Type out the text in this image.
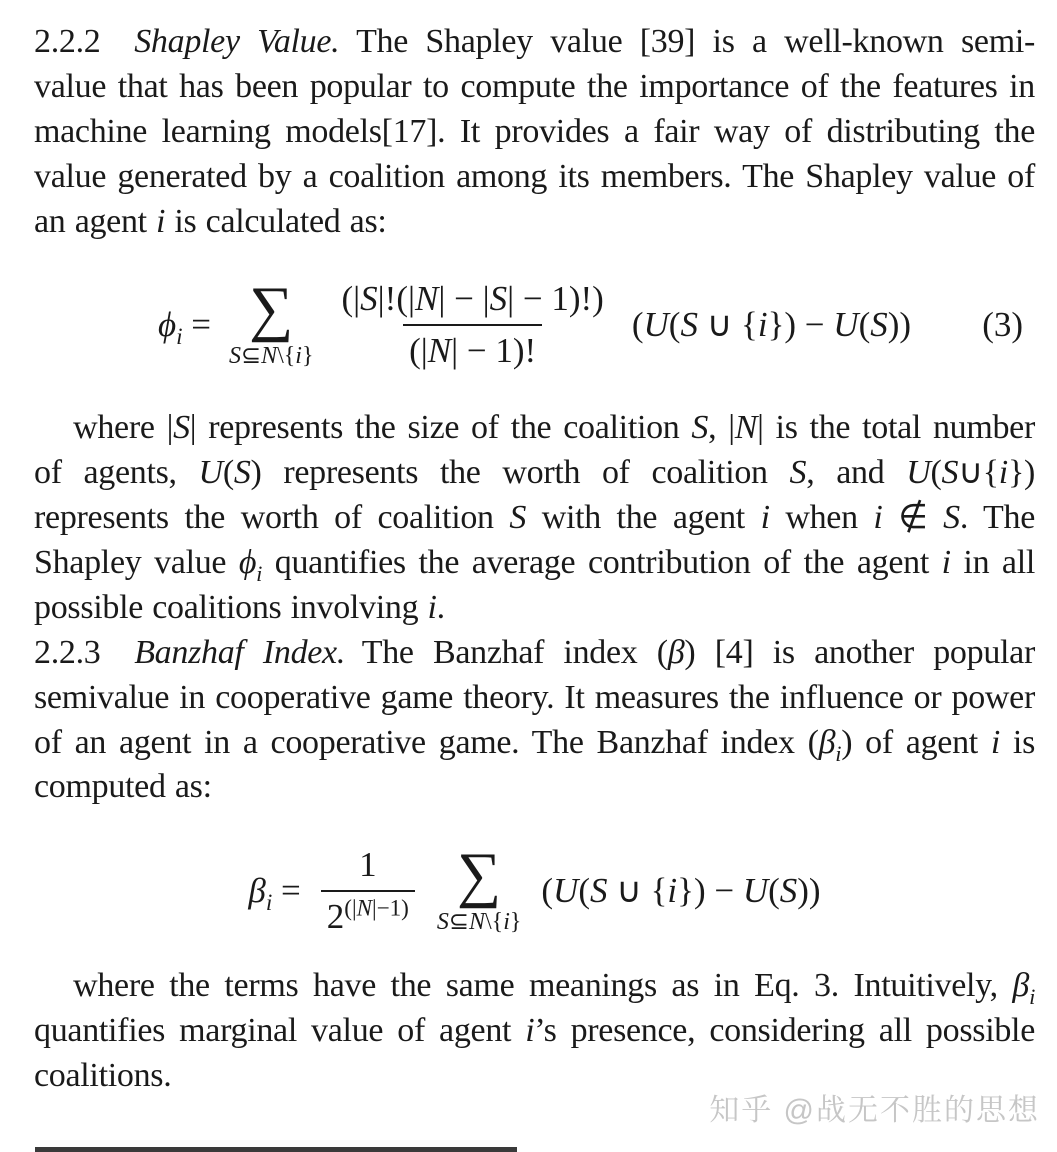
2.2.2  Shapley Value. The Shapley value [39] is a well-known semi-value that has been popular to compute the importance of the features in machine learning models[17]. It provides a fair way of distributing the value generated by a coalition among its members. The Shapley value of an agent i is calculated as:

$\phi_i$ = ∑
S⊆N\{i} $\frac{(|S|!(|N| - |S| - 1)!)}{(|N| - 1)!} (U(S$ ∪ {i}) − U(S)) (3)

where |S| represents the size of the coalition S, |N| is the total number of agents, U(S) represents the worth of coalition S, and U(S∪{i}) represents the worth of coalition S with the agent i when i ∉ S. The Shapley value $\phi_i$ quantifies the average contribution of the agent i in all possible coalitions involving i.

2.2.3  Banzhaf Index. The Banzhaf index (β) [4] is another popular semivalue in cooperative game theory. It measures the influence or power of an agent in a cooperative game. The Banzhaf index $(\beta_i)$ of agent i is computed as:

$\beta_i = \frac{1}{2^{(|N|-1)}}$ ∑
S⊆N\{i}
(U(S ∪ {i}) − U(S))

where the terms have the same meanings as in Eq. 3. Intuitively, $\beta_i$ quantifies marginal value of agent i’s presence, considering all possible coalitions.

知乎 @战无不胜的思想
